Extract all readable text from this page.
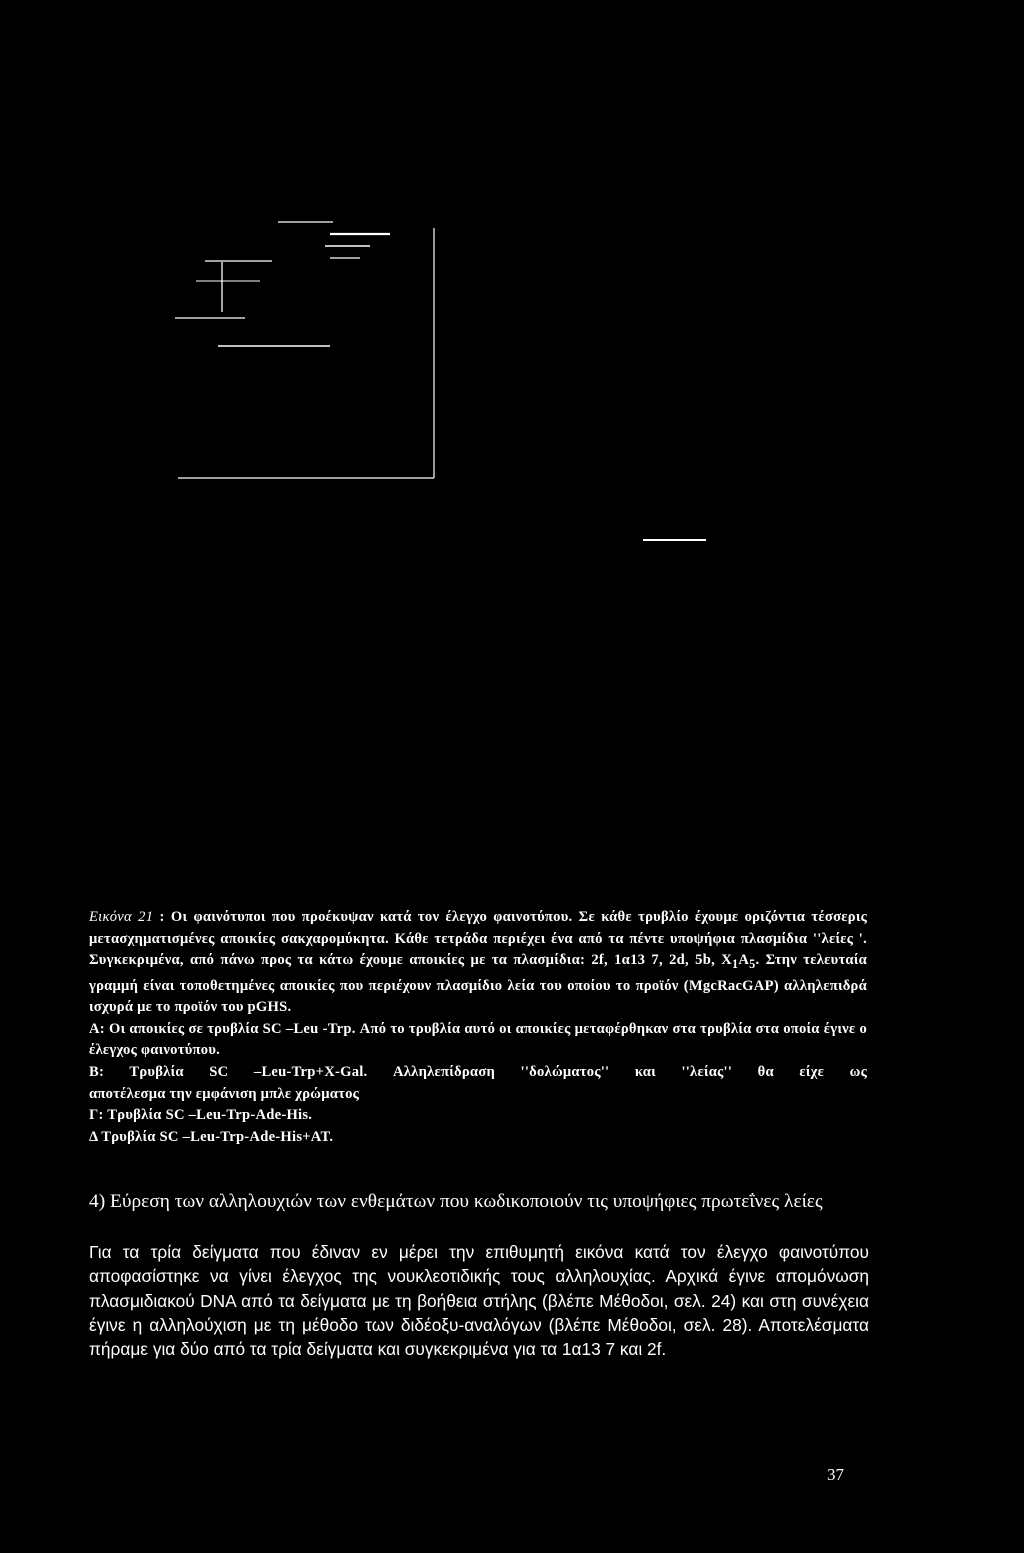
Εικόνα 21 : Οι φαινότυποι που προέκυψαν κατά τον έλεγχο φαινοτύπου. Σε κάθε τρυβλίο έχουμε οριζόντια τέσσερις μετασχηματισμένες αποικίες σακχαρομύκητα. Κάθε τετράδα περιέχει ένα από τα πέντε υποψήφια πλασμίδια ''λείες '. Συγκεκριμένα, από πάνω προς τα κάτω έχουμε αποικίες με τα πλασμίδια: 2f, 1α13 7, 2d, 5b, $X_1A_5$. Στην τελευταία γραμμή είναι τοποθετημένες αποικίες που περιέχουν πλασμίδιο λεία του οποίου το προϊόν (MgcRacGAP) αλληλεπιδρά ισχυρά με το προϊόν του pGHS.

Α: Οι αποικίες σε τρυβλία SC –Leu -Trp. Από το τρυβλία αυτό οι αποικίες μεταφέρθηκαν στα τρυβλία στα οποία έγινε ο έλεγχος φαινοτύπου.

Β: Τρυβλία SC –Leu-Trp+X-Gal. Αλληλεπίδραση ''δολώματος'' και ''λείας'' θα είχε ως

αποτέλεσμα την εμφάνιση μπλε χρώματος

Γ: Τρυβλία SC –Leu-Trp-Ade-His.

Δ Τρυβλία SC –Leu-Trp-Ade-His+AT.

4) Εύρεση των αλληλουχιών των ενθεμάτων που κωδικοποιούν τις υποψήφιες πρωτεΐνες λείες

Για τα τρία δείγματα που έδιναν εν μέρει την επιθυμητή εικόνα κατά τον έλεγχο φαινοτύπου αποφασίστηκε να γίνει έλεγχος της νουκλεοτιδικής τους αλληλουχίας. Αρχικά έγινε απομόνωση πλασμιδιακού DNA από τα δείγματα με τη βοήθεια στήλης (βλέπε Μέθοδοι, σελ. 24) και στη συνέχεια έγινε η αλληλούχιση με τη μέθοδο των διδέοξυ-αναλόγων (βλέπε Μέθοδοι, σελ. 28). Αποτελέσματα πήραμε για δύο από τα τρία δείγματα και συγκεκριμένα για τα 1α13 7 και 2f.

37
